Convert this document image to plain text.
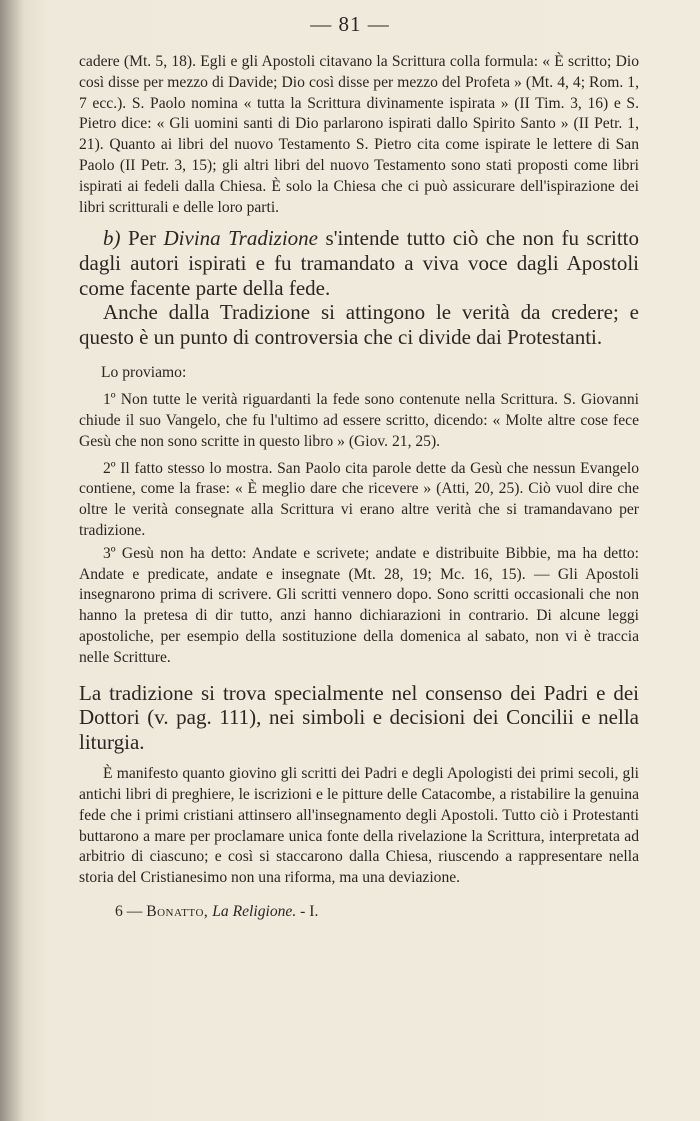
— 81 —

cadere (Mt. 5, 18). Egli e gli Apostoli citavano la Scrittura colla formula: « È scritto; Dio così disse per mezzo di Davide; Dio così disse per mezzo del Profeta » (Mt. 4, 4; Rom. 1, 7 ecc.). S. Paolo nomina « tutta la Scrittura divinamente ispirata » (II Tim. 3, 16) e S. Pietro dice: « Gli uomini santi di Dio parlarono ispirati dallo Spirito Santo » (II Petr. 1, 21). Quanto ai libri del nuovo Testamento S. Pietro cita come ispirate le lettere di San Paolo (II Petr. 3, 15); gli altri libri del nuovo Testamento sono stati proposti come libri ispirati ai fedeli dalla Chiesa. È solo la Chiesa che ci può assicurare dell'ispirazione dei libri scritturali e delle loro parti.

b) Per Divina Tradizione s'intende tutto ciò che non fu scritto dagli autori ispirati e fu tramandato a viva voce dagli Apostoli come facente parte della fede.

Anche dalla Tradizione si attingono le verità da credere; e questo è un punto di controversia che ci divide dai Protestanti.

Lo proviamo:

1º Non tutte le verità riguardanti la fede sono contenute nella Scrittura. S. Giovanni chiude il suo Vangelo, che fu l'ultimo ad essere scritto, dicendo: « Molte altre cose fece Gesù che non sono scritte in questo libro » (Giov. 21, 25).

2º Il fatto stesso lo mostra. San Paolo cita parole dette da Gesù che nessun Evangelo contiene, come la frase: « È meglio dare che ricevere » (Atti, 20, 25). Ciò vuol dire che oltre le verità consegnate alla Scrittura vi erano altre verità che si tramandavano per tradizione.

3º Gesù non ha detto: Andate e scrivete; andate e distribuite Bibbie, ma ha detto: Andate e predicate, andate e insegnate (Mt. 28, 19; Mc. 16, 15). — Gli Apostoli insegnarono prima di scrivere. Gli scritti vennero dopo. Sono scritti occasionali che non hanno la pretesa di dir tutto, anzi hanno dichiarazioni in contrario. Di alcune leggi apostoliche, per esempio della sostituzione della domenica al sabato, non vi è traccia nelle Scritture.

La tradizione si trova specialmente nel consenso dei Padri e dei Dottori (v. pag. 111), nei simboli e decisioni dei Concilii e nella liturgia.

È manifesto quanto giovino gli scritti dei Padri e degli Apologisti dei primi secoli, gli antichi libri di preghiere, le iscrizioni e le pitture delle Catacombe, a ristabilire la genuina fede che i primi cristiani attinsero all'insegnamento degli Apostoli. Tutto ciò i Protestanti buttarono a mare per proclamare unica fonte della rivelazione la Scrittura, interpretata ad arbitrio di ciascuno; e così si staccarono dalla Chiesa, riuscendo a rappresentare nella storia del Cristianesimo non una riforma, ma una deviazione.

6 — Bonatto, La Religione. - I.
